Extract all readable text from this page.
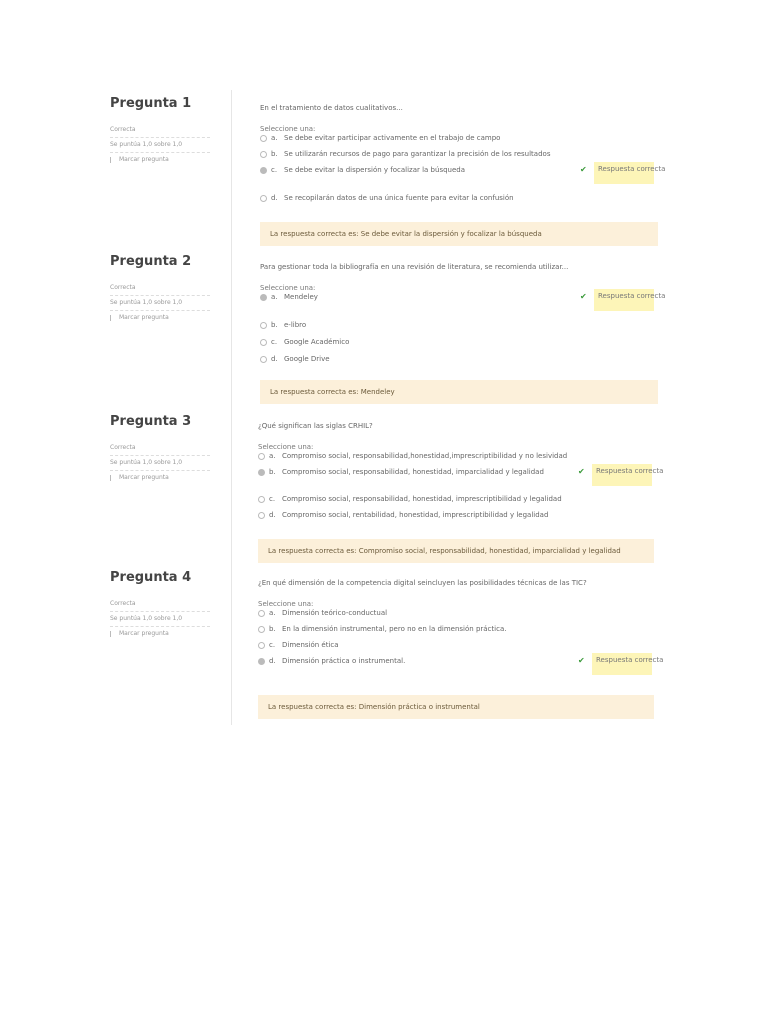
Pregunta 1
Correcta
Se puntúa 1,0 sobre 1,0
Marcar pregunta
En el tratamiento de datos cualitativos...
Seleccione una:
a. Se debe evitar participar activamente en el trabajo de campo
b. Se utilizarán recursos de pago para garantizar la precisión de los resultados
c. Se debe evitar la dispersión y focalizar la búsqueda	✔	Respuesta correcta
d. Se recopilarán datos de una única fuente para evitar la confusión
La respuesta correcta es: Se debe evitar la dispersión y focalizar la búsqueda
Pregunta 2
Correcta
Se puntúa 1,0 sobre 1,0
Marcar pregunta
Para gestionar toda la bibliografía en una revisión de literatura, se recomienda utilizar...
Seleccione una:
a. Mendeley	✔	Respuesta correcta
b. e-libro
c. Google Académico
d. Google Drive
La respuesta correcta es: Mendeley
Pregunta 3
Correcta
Se puntúa 1,0 sobre 1,0
Marcar pregunta
¿Qué significan las siglas CRHIL?
Seleccione una:
a. Compromiso social, responsabilidad,honestidad,imprescriptibilidad y no lesividad
b. Compromiso social, responsabilidad, honestidad, imparcialidad y legalidad	✔	Respuesta correcta
c. Compromiso social, responsabilidad, honestidad, imprescriptibilidad y legalidad
d. Compromiso social, rentabilidad, honestidad, imprescriptibilidad y legalidad
La respuesta correcta es: Compromiso social, responsabilidad, honestidad, imparcialidad y legalidad
Pregunta 4
Correcta
Se puntúa 1,0 sobre 1,0
Marcar pregunta
¿En qué dimensión de la competencia digital seincluyen las posibilidades técnicas de las TIC?
Seleccione una:
a. Dimensión teórico-conductual
b. En la dimensión instrumental, pero no en la dimensión práctica.
c. Dimensión ética
d. Dimensión práctica o instrumental.	✔	Respuesta correcta
La respuesta correcta es: Dimensión práctica o instrumental
